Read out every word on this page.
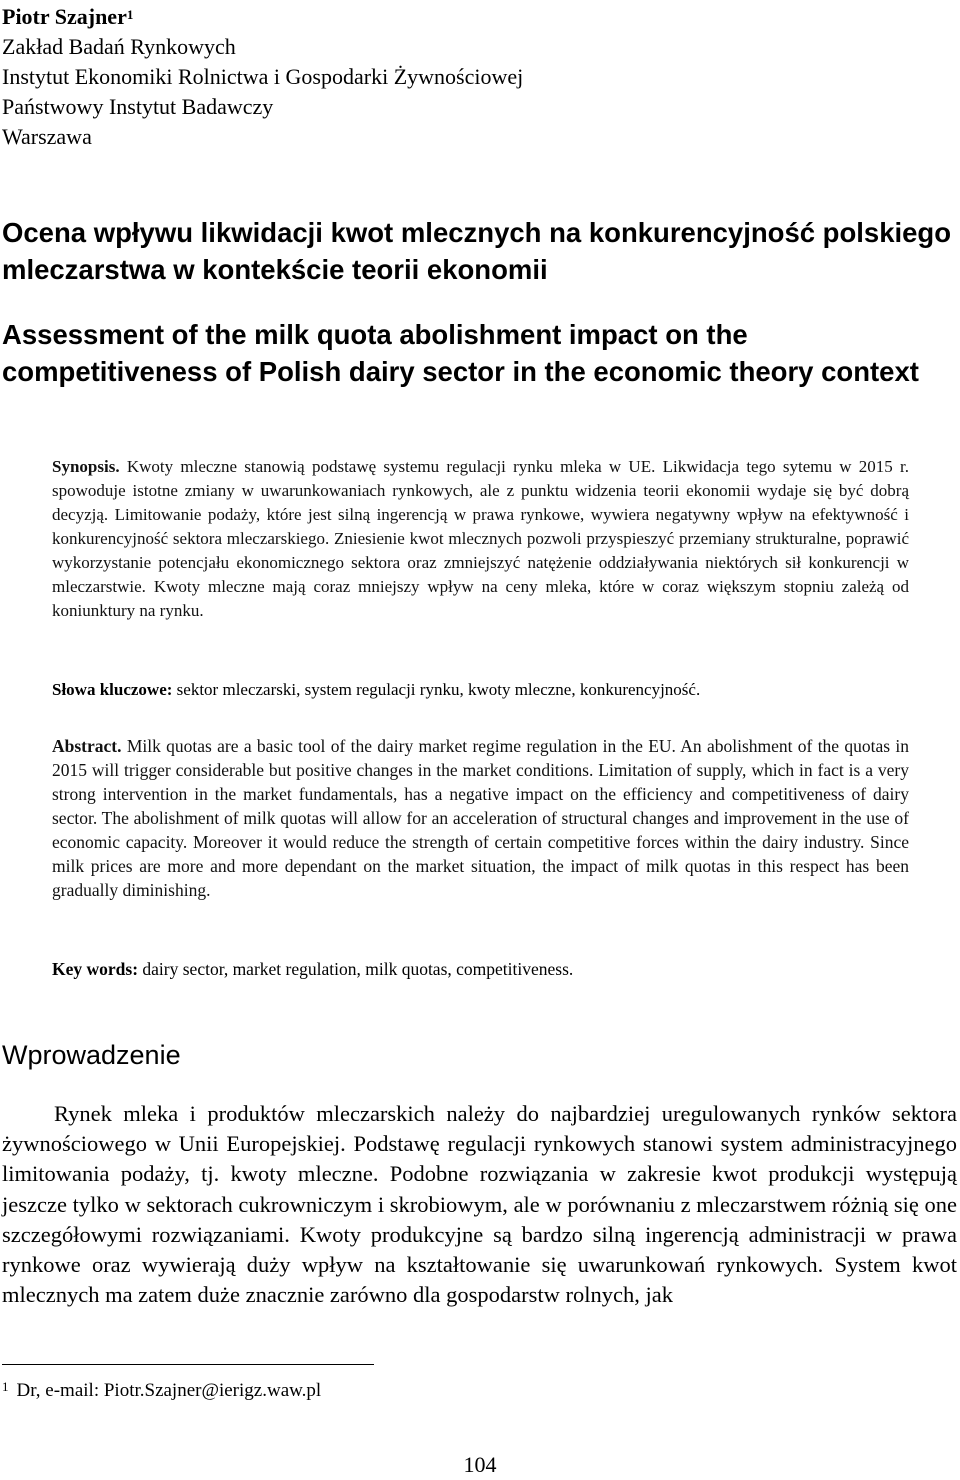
Piotr Szajner$^1$
Zakład Badań Rynkowych
Instytut Ekonomiki Rolnictwa i Gospodarki Żywnościowej
Państwowy Instytut Badawczy
Warszawa
Ocena wpływu likwidacji kwot mlecznych na konkurencyjność polskiego mleczarstwa w kontekście teorii ekonomii
Assessment of the milk quota abolishment impact on the competitiveness of Polish dairy sector in the economic theory context
Synopsis. Kwoty mleczne stanowią podstawę systemu regulacji rynku mleka w UE. Likwidacja tego sytemu w 2015 r. spowoduje istotne zmiany w uwarunkowaniach rynkowych, ale z punktu widzenia teorii ekonomii wydaje się być dobrą decyzją. Limitowanie podaży, które jest silną ingerencją w prawa rynkowe, wywiera negatywny wpływ na efektywność i konkurencyjność sektora mleczarskiego. Zniesienie kwot mlecznych pozwoli przyspieszyć przemiany strukturalne, poprawić wykorzystanie potencjału ekonomicznego sektora oraz zmniejszyć natężenie oddziaływania niektórych sił konkurencji w mleczarstwie. Kwoty mleczne mają coraz mniejszy wpływ na ceny mleka, które w coraz większym stopniu zależą od koniunktury na rynku.
Słowa kluczowe: sektor mleczarski, system regulacji rynku, kwoty mleczne, konkurencyjność.
Abstract. Milk quotas are a basic tool of the dairy market regime regulation in the EU. An abolishment of the quotas in 2015 will trigger considerable but positive changes in the market conditions. Limitation of supply, which in fact is a very strong intervention in the market fundamentals, has a negative impact on the efficiency and competitiveness of dairy sector. The abolishment of milk quotas will allow for an acceleration of structural changes and improvement in the use of economic capacity. Moreover it would reduce the strength of certain competitive forces within the dairy industry. Since milk prices are more and more dependant on the market situation, the impact of milk quotas in this respect has been gradually diminishing.
Key words: dairy sector, market regulation, milk quotas, competitiveness.
Wprowadzenie
Rynek mleka i produktów mleczarskich należy do najbardziej uregulowanych rynków sektora żywnościowego w Unii Europejskiej. Podstawę regulacji rynkowych stanowi system administracyjnego limitowania podaży, tj. kwoty mleczne. Podobne rozwiązania w zakresie kwot produkcji występują jeszcze tylko w sektorach cukrowniczym i skrobiowym, ale w porównaniu z mleczarstwem różnią się one szczegółowymi rozwiązaniami. Kwoty produkcyjne są bardzo silną ingerencją administracji w prawa rynkowe oraz wywierają duży wpływ na kształtowanie się uwarunkowań rynkowych. System kwot mlecznych ma zatem duże znacznie zarówno dla gospodarstw rolnych, jak
$^1$ Dr, e-mail: Piotr.Szajner@ierigz.waw.pl
104
